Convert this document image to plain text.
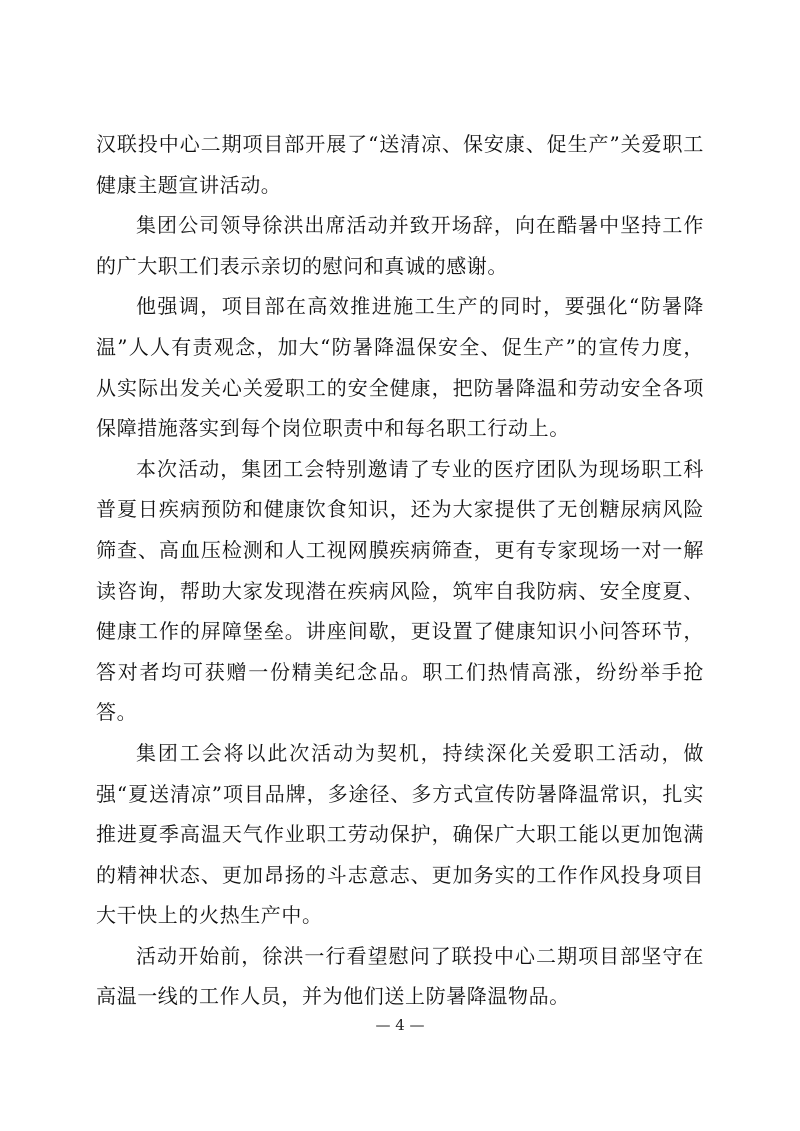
汉联投中心二期项目部开展了“送清凉、保安康、促生产”关爱职工健康主题宣讲活动。

集团公司领导徐洪出席活动并致开场辞，向在酷暑中坚持工作的广大职工们表示亲切的慰问和真诚的感谢。

他强调，项目部在高效推进施工生产的同时，要强化“防暑降温”人人有责观念，加大“防暑降温保安全、促生产”的宣传力度，从实际出发关心关爱职工的安全健康，把防暑降温和劳动安全各项保障措施落实到每个岗位职责中和每名职工行动上。

本次活动，集团工会特别邀请了专业的医疗团队为现场职工科普夏日疾病预防和健康饮食知识，还为大家提供了无创糖尿病风险筛查、高血压检测和人工视网膜疾病筛查，更有专家现场一对一解读咨询，帮助大家发现潜在疾病风险，筑牢自我防病、安全度夏、健康工作的屏障堡垒。讲座间歇，更设置了健康知识小问答环节，答对者均可获赠一份精美纪念品。职工们热情高涨，纷纷举手抢答。

集团工会将以此次活动为契机，持续深化关爱职工活动，做强“夏送清凉”项目品牌，多途径、多方式宣传防暑降温常识，扎实推进夏季高温天气作业职工劳动保护，确保广大职工能以更加饱满的精神状态、更加昂扬的斗志意志、更加务实的工作作风投身项目大干快上的火热生产中。

活动开始前，徐洪一行看望慰问了联投中心二期项目部坚守在高温一线的工作人员，并为他们送上防暑降温物品。

— 4 —
